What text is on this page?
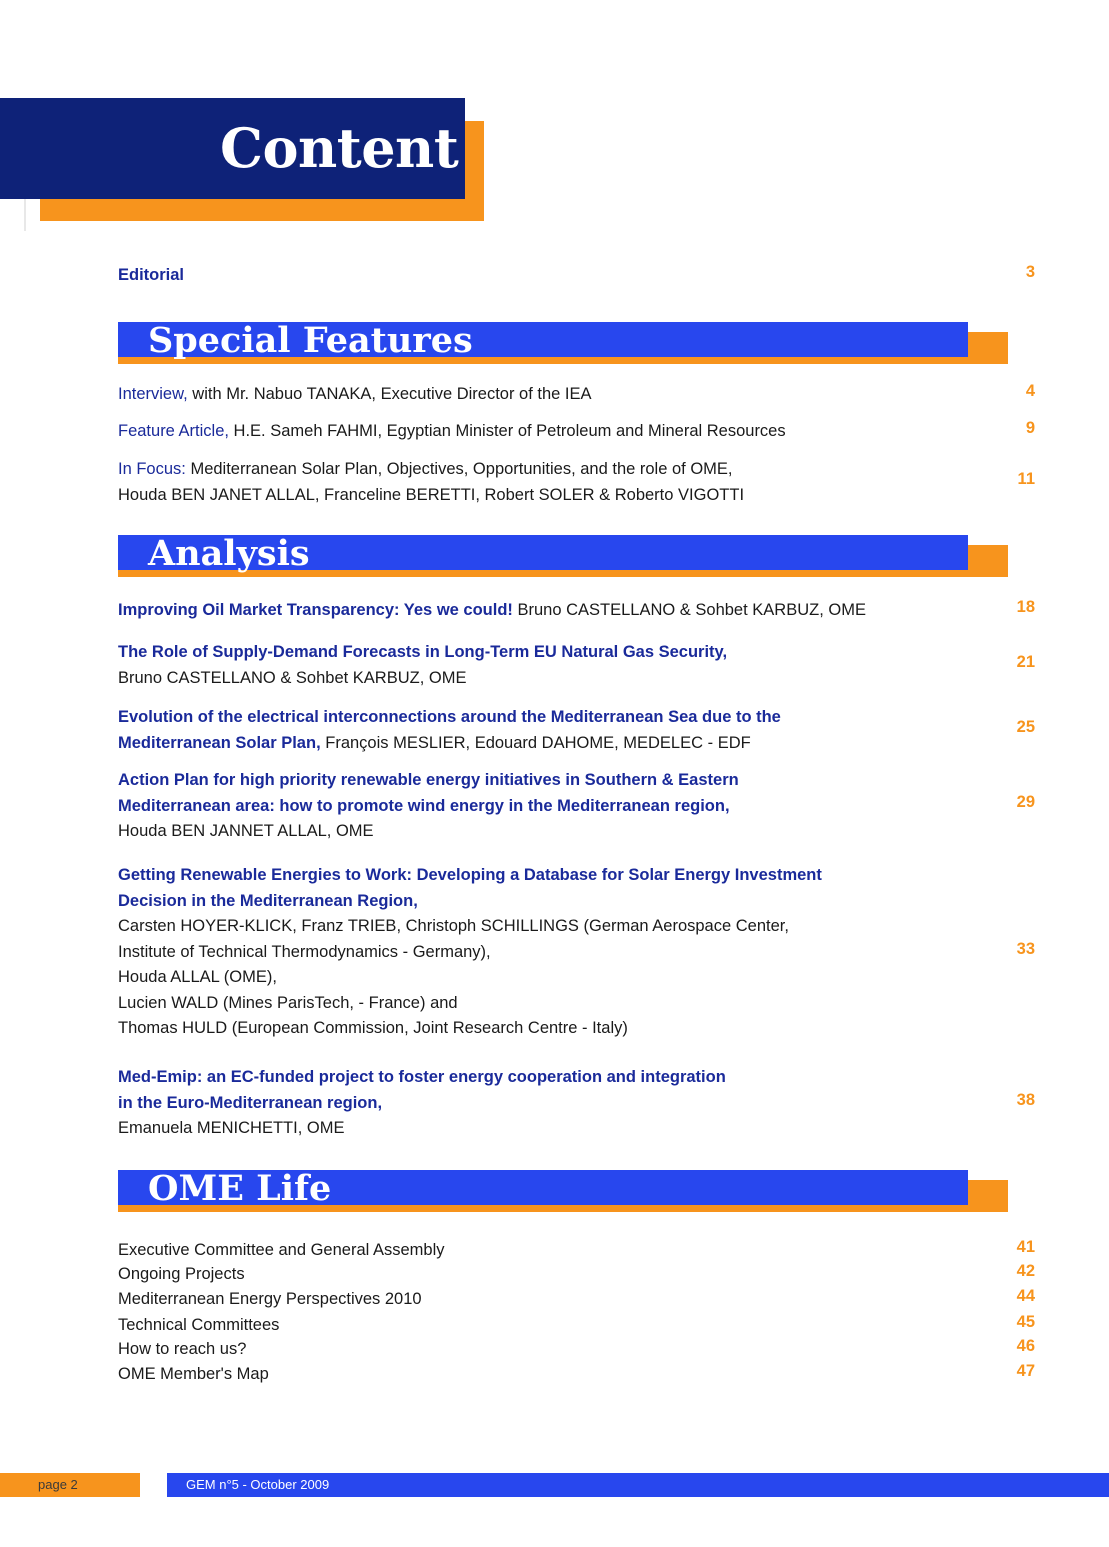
Content
Editorial	3
Special Features
Interview, with Mr. Nabuo TANAKA, Executive Director of the IEA	4
Feature Article, H.E. Sameh FAHMI, Egyptian Minister of Petroleum and Mineral Resources	9
In Focus: Mediterranean Solar Plan, Objectives, Opportunities, and the role of OME,
Houda BEN JANET ALLAL, Franceline BERETTI, Robert SOLER & Roberto VIGOTTI
11
Analysis
Improving Oil Market Transparency: Yes we could! Bruno CASTELLANO & Sohbet KARBUZ, OME	18
The Role of Supply-Demand Forecasts in Long-Term EU Natural Gas Security,
Bruno CASTELLANO & Sohbet KARBUZ, OME
21
Evolution of the electrical interconnections around the Mediterranean Sea due to the
Mediterranean Solar Plan, François MESLIER, Edouard DAHOME, MEDELEC - EDF
25
Action Plan for high priority renewable energy initiatives in Southern & Eastern
Mediterranean area: how to promote wind energy in the Mediterranean region,
Houda BEN JANNET ALLAL, OME
29
Getting Renewable Energies to Work: Developing a Database for Solar Energy Investment
Decision in the Mediterranean Region,
Carsten HOYER-KLICK, Franz TRIEB, Christoph SCHILLINGS (German Aerospace Center,
Institute of Technical Thermodynamics - Germany),
Houda ALLAL (OME),
Lucien WALD (Mines ParisTech, - France) and
Thomas HULD (European Commission, Joint Research Centre - Italy)
33
Med-Emip: an EC-funded project to foster energy cooperation and integration
in the Euro-Mediterranean region,
Emanuela MENICHETTI, OME
38
OME Life
Executive Committee and General Assembly	41
Ongoing Projects	42
Mediterranean Energy Perspectives 2010	44
Technical Committees	45
How to reach us?	46
OME Member's Map	47
page 2	GEM n°5 - October 2009
